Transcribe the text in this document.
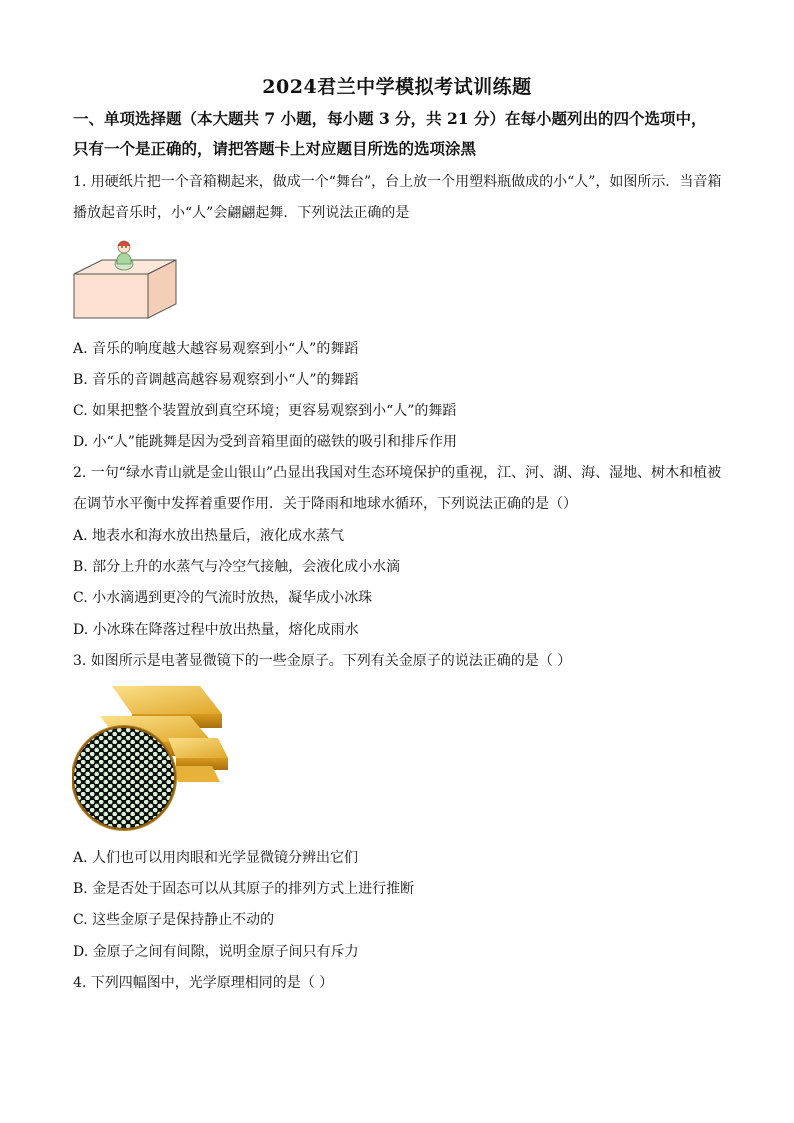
2024君兰中学模拟考试训练题
一、单项选择题（本大题共 7 小题，每小题 3 分，共 21 分）在每小题列出的四个选项中，
只有一个是正确的，请把答题卡上对应题目所选的选项涂黑
1. 用硬纸片把一个音箱糊起来，做成一个“舞台”，台上放一个用塑料瓶做成的小“人”，如图所示．当音箱
播放起音乐时，小“人”会翩翩起舞．下列说法正确的是
A. 音乐的响度越大越容易观察到小“人”的舞蹈
B. 音乐的音调越高越容易观察到小“人”的舞蹈
C. 如果把整个装置放到真空环境；更容易观察到小“人”的舞蹈
D. 小“人”能跳舞是因为受到音箱里面的磁铁的吸引和排斥作用
2. 一句“绿水青山就是金山银山”凸显出我国对生态环境保护的重视，江、河、湖、海、湿地、树木和植被
在调节水平衡中发挥着重要作用．关于降雨和地球水循环，下列说法正确的是（）
A. 地表水和海水放出热量后，液化成水蒸气
B. 部分上升的水蒸气与冷空气接触，会液化成小水滴
C. 小水滴遇到更冷的气流时放热，凝华成小冰珠
D. 小冰珠在降落过程中放出热量，熔化成雨水
3. 如图所示是电著显微镜下的一些金原子。下列有关金原子的说法正确的是（ ）
A. 人们也可以用肉眼和光学显微镜分辨出它们
B. 金是否处于固态可以从其原子的排列方式上进行推断
C. 这些金原子是保持静止不动的
D. 金原子之间有间隙，说明金原子间只有斥力
4. 下列四幅图中，光学原理相同的是（ ）
